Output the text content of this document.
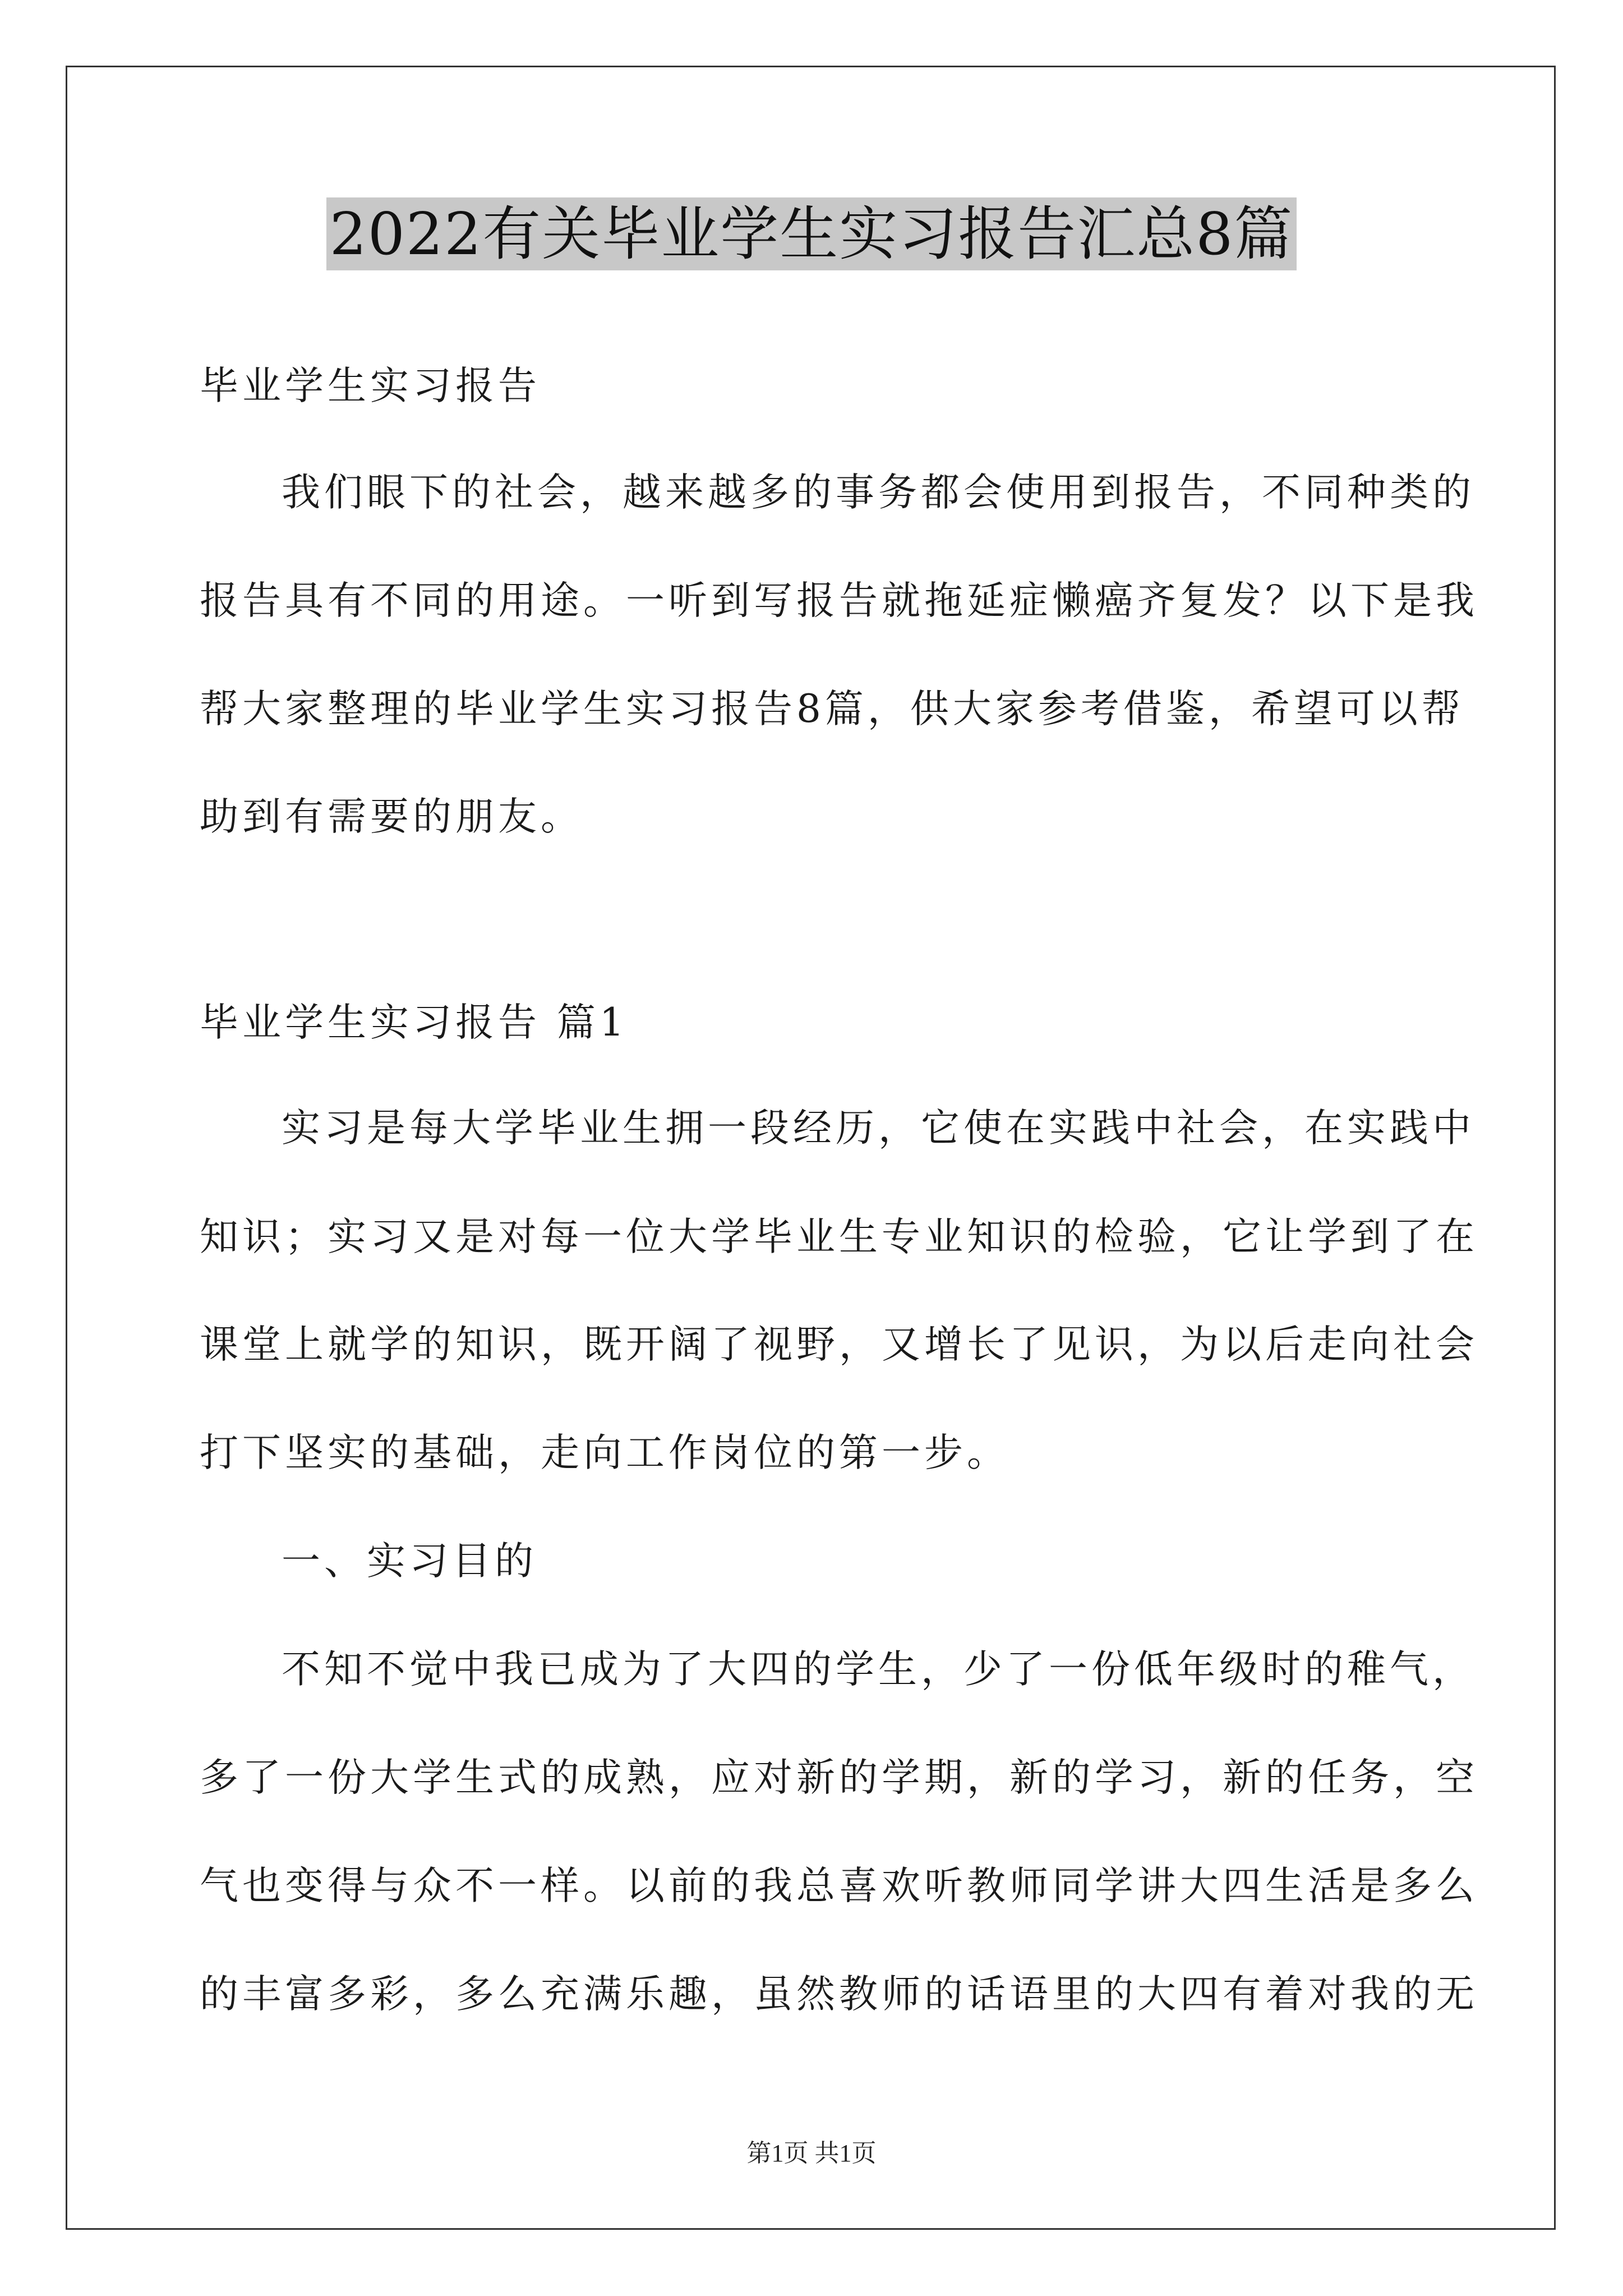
2022有关毕业学生实习报告汇总8篇
毕业学生实习报告
我们眼下的社会，越来越多的事务都会使用到报告，不同种类的
报告具有不同的用途。一听到写报告就拖延症懒癌齐复发？以下是我
帮大家整理的毕业学生实习报告8篇，供大家参考借鉴，希望可以帮
助到有需要的朋友。
毕业学生实习报告 篇1
实习是每大学毕业生拥一段经历，它使在实践中社会，在实践中
知识；实习又是对每一位大学毕业生专业知识的检验，它让学到了在
课堂上就学的知识，既开阔了视野，又增长了见识，为以后走向社会
打下坚实的基础，走向工作岗位的第一步。
一、实习目的
不知不觉中我已成为了大四的学生，少了一份低年级时的稚气，
多了一份大学生式的成熟，应对新的学期，新的学习，新的任务，空
气也变得与众不一样。以前的我总喜欢听教师同学讲大四生活是多么
的丰富多彩，多么充满乐趣，虽然教师的话语里的大四有着对我的无
第1页 共1页
